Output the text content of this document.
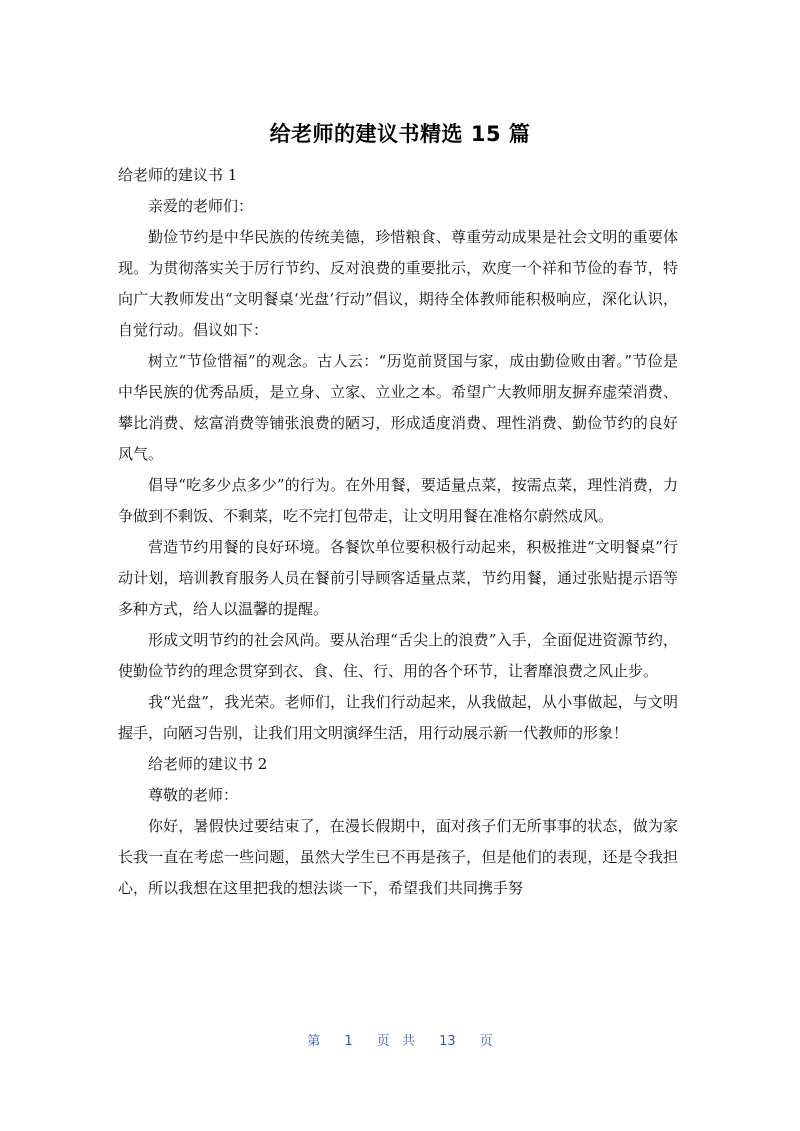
给老师的建议书精选 15 篇

给老师的建议书 1

亲爱的老师们：

勤俭节约是中华民族的传统美德，珍惜粮食、尊重劳动成果是社会文明的重要体现。为贯彻落实关于厉行节约、反对浪费的重要批示，欢度一个祥和节俭的春节，特向广大教师发出“文明餐桌‘光盘’行动”倡议，期待全体教师能积极响应，深化认识，自觉行动。倡议如下：

树立“节俭惜福”的观念。古人云：“历览前贤国与家，成由勤俭败由奢。”节俭是中华民族的优秀品质，是立身、立家、立业之本。希望广大教师朋友摒弃虚荣消费、攀比消费、炫富消费等铺张浪费的陋习，形成适度消费、理性消费、勤俭节约的良好风气。

倡导“吃多少点多少”的行为。在外用餐，要适量点菜，按需点菜，理性消费，力争做到不剩饭、不剩菜，吃不完打包带走，让文明用餐在准格尔蔚然成风。

营造节约用餐的良好环境。各餐饮单位要积极行动起来，积极推进“文明餐桌”行动计划，培训教育服务人员在餐前引导顾客适量点菜，节约用餐，通过张贴提示语等多种方式，给人以温馨的提醒。

形成文明节约的社会风尚。要从治理“舌尖上的浪费”入手，全面促进资源节约，使勤俭节约的理念贯穿到衣、食、住、行、用的各个环节，让奢靡浪费之风止步。

我“光盘”，我光荣。老师们，让我们行动起来，从我做起，从小事做起，与文明握手，向陋习告别，让我们用文明演绎生活，用行动展示新一代教师的形象！

给老师的建议书 2

尊敬的老师：

你好，暑假快过要结束了，在漫长假期中，面对孩子们无所事事的状态，做为家长我一直在考虑一些问题，虽然大学生已不再是孩子，但是他们的表现，还是令我担心，所以我想在这里把我的想法谈一下，希望我们共同携手努

第 1 页 共 13 页
